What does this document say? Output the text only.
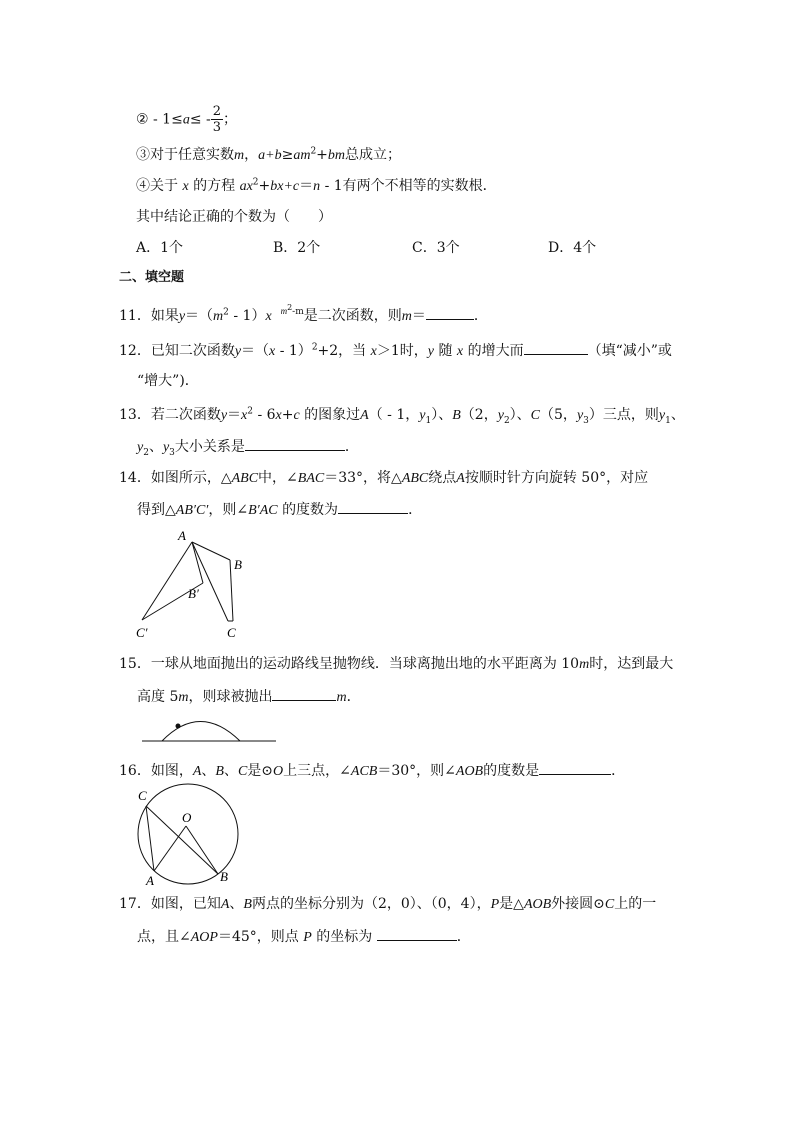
② - $1\le a\le - \frac{2}{3}$ ；
③对于任意实数m，$a+b\ge am^2+bm$总成立；
④关于 x 的方程 $ax^2+bx+c=n - 1$有两个不相等的实数根．
其中结论正确的个数为（　　）
A．1个	B．2个	C．3个	D．4个
二、填空题
11．如果$y=(m^2 - 1)x$ $^{m^2-m}$是二次函数，则m＝	．
12．已知二次函数y＝（x - 1）$^2$+2，当 x＞1时，y 随 x 的增大而	（填“减小”或
“增大”)．
13．若二次函数$y=x^2 - 6x+c$ 的图象过A（ - 1，$y_1$）、B（2，$y_2$）、C（5，$y_3$）三点，则$y_1$、
$y_2$、$y_3$大小关系是	．
14．如图所示，△ABC中，∠BAC＝33°，将△ABC绕点A按顺时针方向旋转 50°，对应
得到△AB′C′，则∠B′AC 的度数为	．
A
B
B′
C′	C
15．一球从地面抛出的运动路线呈抛物线．当球离抛出地的水平距离为 10m时，达到最大
高度 5m，则球被抛出	m．
16．如图，A、B、C是⊙O上三点，∠ACB＝30°，则∠AOB的度数是	．
C
O
A	B
17．如图，已知A、B两点的坐标分别为（2，0）、（0，4），P是△AOB外接圆⊙C上的一
点，且∠AOP＝45°，则点 P 的坐标为	．
